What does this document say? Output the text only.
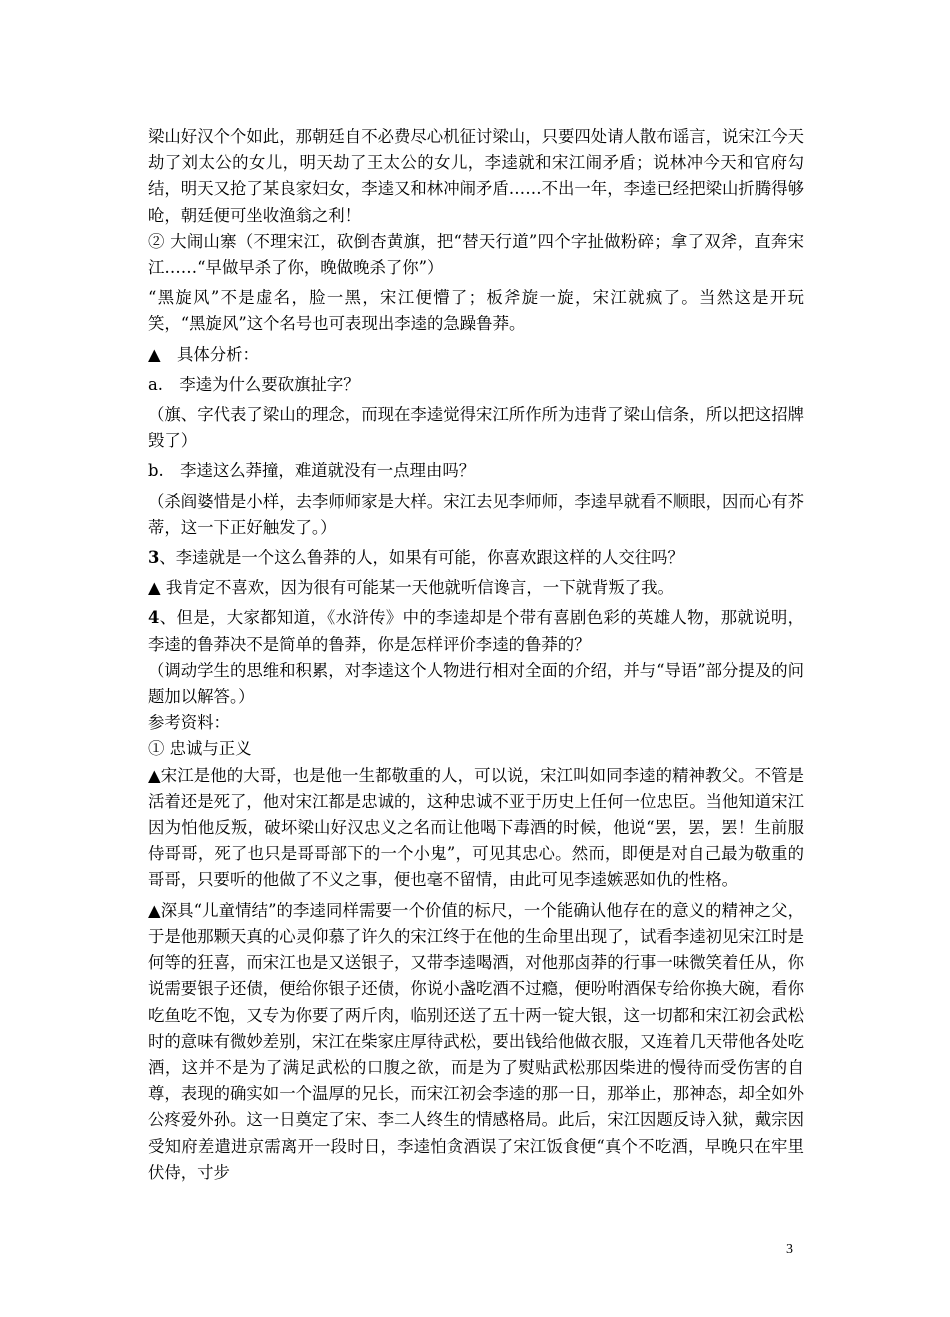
梁山好汉个个如此，那朝廷自不必费尽心机征讨梁山，只要四处请人散布谣言，说宋江今天劫了刘太公的女儿，明天劫了王太公的女儿，李逵就和宋江闹矛盾；说林冲今天和官府勾结，明天又抢了某良家妇女，李逵又和林冲闹矛盾……不出一年，李逵已经把梁山折腾得够呛，朝廷便可坐收渔翁之利！

② 大闹山寨（不理宋江，砍倒杏黄旗，把“替天行道”四个字扯做粉碎；拿了双斧，直奔宋江……“早做早杀了你，晚做晚杀了你”）

“黑旋风”不是虚名，脸一黑，宋江便懵了；板斧旋一旋，宋江就疯了。当然这是开玩笑，“黑旋风”这个名号也可表现出李逵的急躁鲁莽。

▲　具体分析：

a.　李逵为什么要砍旗扯字？

（旗、字代表了梁山的理念，而现在李逵觉得宋江所作所为违背了梁山信条，所以把这招牌毁了）

b.　李逵这么莽撞，难道就没有一点理由吗？

（杀阎婆惜是小样，去李师师家是大样。宋江去见李师师，李逵早就看不顺眼，因而心有芥蒂，这一下正好触发了。）

3、李逵就是一个这么鲁莽的人，如果有可能，你喜欢跟这样的人交往吗？

▲ 我肯定不喜欢，因为很有可能某一天他就听信谗言，一下就背叛了我。

4、但是，大家都知道，《水浒传》中的李逵却是个带有喜剧色彩的英雄人物，那就说明，李逵的鲁莽决不是简单的鲁莽，你是怎样评价李逵的鲁莽的？

（调动学生的思维和积累，对李逵这个人物进行相对全面的介绍，并与“导语”部分提及的问题加以解答。）

参考资料：

① 忠诚与正义

▲宋江是他的大哥，也是他一生都敬重的人，可以说，宋江叫如同李逵的精神教父。不管是活着还是死了，他对宋江都是忠诚的，这种忠诚不亚于历史上任何一位忠臣。当他知道宋江因为怕他反叛，破坏梁山好汉忠义之名而让他喝下毒酒的时候，他说“罢，罢，罢！生前服侍哥哥，死了也只是哥哥部下的一个小鬼”，可见其忠心。然而，即便是对自己最为敬重的哥哥，只要听的他做了不义之事，便也毫不留情，由此可见李逵嫉恶如仇的性格。

▲深具“儿童情结”的李逵同样需要一个价值的标尺，一个能确认他存在的意义的精神之父，于是他那颗天真的心灵仰慕了许久的宋江终于在他的生命里出现了，试看李逵初见宋江时是何等的狂喜，而宋江也是又送银子，又带李逵喝酒，对他那卤莽的行事一味微笑着任从，你说需要银子还债，便给你银子还债，你说小盏吃酒不过瘾，便吩咐酒保专给你换大碗，看你吃鱼吃不饱，又专为你要了两斤肉，临别还送了五十两一锭大银，这一切都和宋江初会武松时的意味有微妙差别，宋江在柴家庄厚待武松，要出钱给他做衣服，又连着几天带他各处吃酒，这并不是为了满足武松的口腹之欲，而是为了熨贴武松那因柴进的慢待而受伤害的自尊，表现的确实如一个温厚的兄长，而宋江初会李逵的那一日，那举止，那神态，却全如外公疼爱外孙。这一日奠定了宋、李二人终生的情感格局。此后，宋江因题反诗入狱，戴宗因受知府差遣进京需离开一段时日，李逵怕贪酒误了宋江饭食便“真个不吃酒，早晚只在牢里伏侍，寸步

3
